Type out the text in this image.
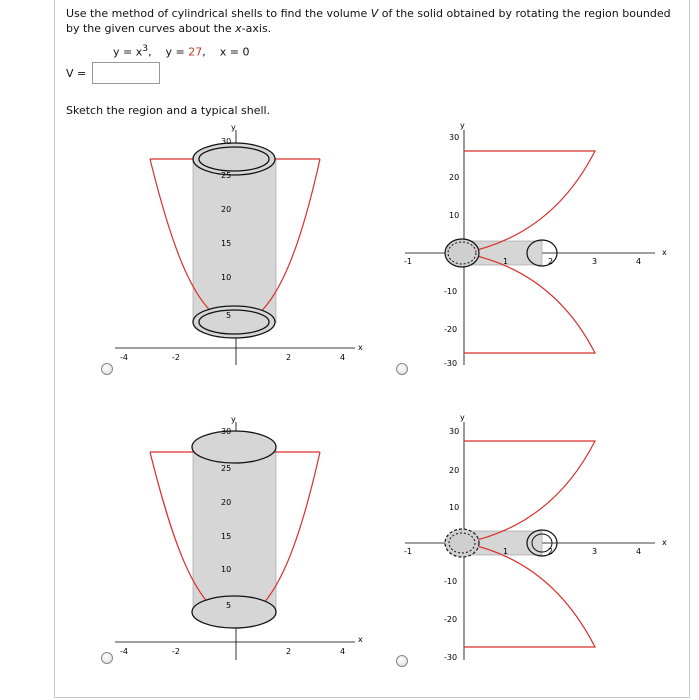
Use the method of cylindrical shells to find the volume V of the solid obtained by rotating the region bounded by the given curves about the x-axis.
$y = x^3$,    y = 27,    x = 0
V =
Sketch the region and a typical shell.
y
x
-4	-2	2	4
5
10
15
20
25
30
y
x
-1	1	2	3	4
30
20
10
-10
-20
-30
y
x
-4	-2	2	4
5
10
15
20
25
30
y
x
-1	1	2	3	4
30
20
10
-10
-20
-30
